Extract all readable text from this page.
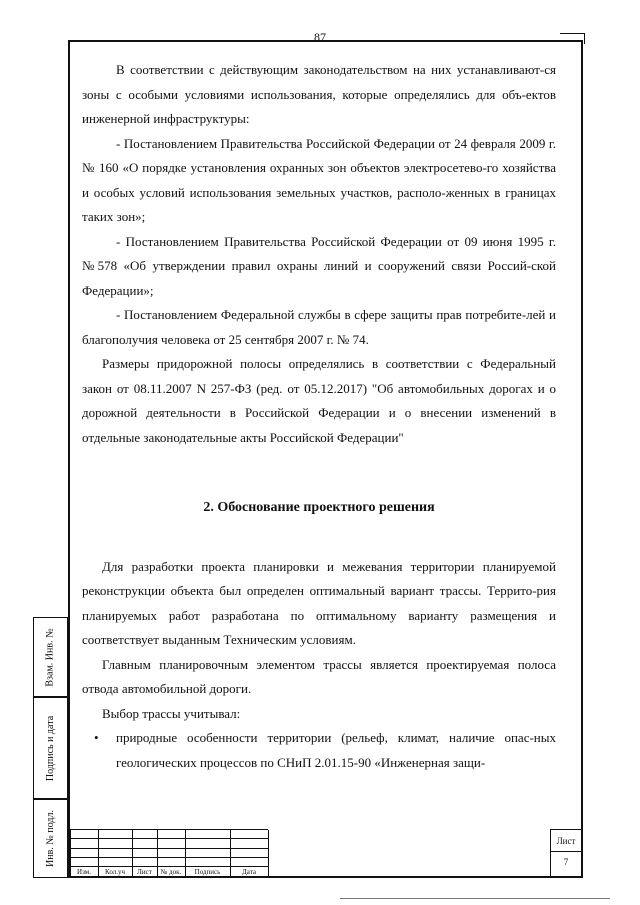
87
Взам. Инв. №
Подпись и дата
Инв. № подл.

В соответствии с действующим законодательством на них устанавливают-ся зоны с особыми условиями использования, которые определялись для объ-ектов инженерной инфраструктуры:

- Постановлением Правительства Российской Федерации от 24 февраля 2009 г. № 160 «О порядке установления охранных зон объектов электросетево-го хозяйства и особых условий использования земельных участков, располо-женных в границах таких зон»;

- Постановлением Правительства Российской Федерации от 09 июня 1995 г. №578 «Об утверждении правил охраны линий и сооружений связи Россий-ской Федерации»;

- Постановлением Федеральной службы в сфере защиты прав потребите-лей и благополучия человека от 25 сентября 2007 г. № 74.

Размеры придорожной полосы определялись в соответствии с Федеральный закон от 08.11.2007 N 257-ФЗ (ред. от 05.12.2017) "Об автомобильных дорогах и о дорожной деятельности в Российской Федерации и о внесении изменений в отдельные законодательные акты Российской Федерации"

2. Обоснование проектного решения

Для разработки проекта планировки и межевания территории планируемой реконструкции объекта был определен оптимальный вариант трассы. Террито-рия планируемых работ разработана по оптимальному варианту размещения и соответствует выданным Техническим условиям.

Главным планировочным элементом трассы является проектируемая полоса отвода автомобильной дороги.

Выбор трассы учитывал:

• природные особенности территории (рельеф, климат, наличие опас-ных геологических процессов по СНиП 2.01.15-90 «Инженерная защи-

Изм.	Кол.уч	Лист	№ док.	Подпись	Дата
Лист
7
